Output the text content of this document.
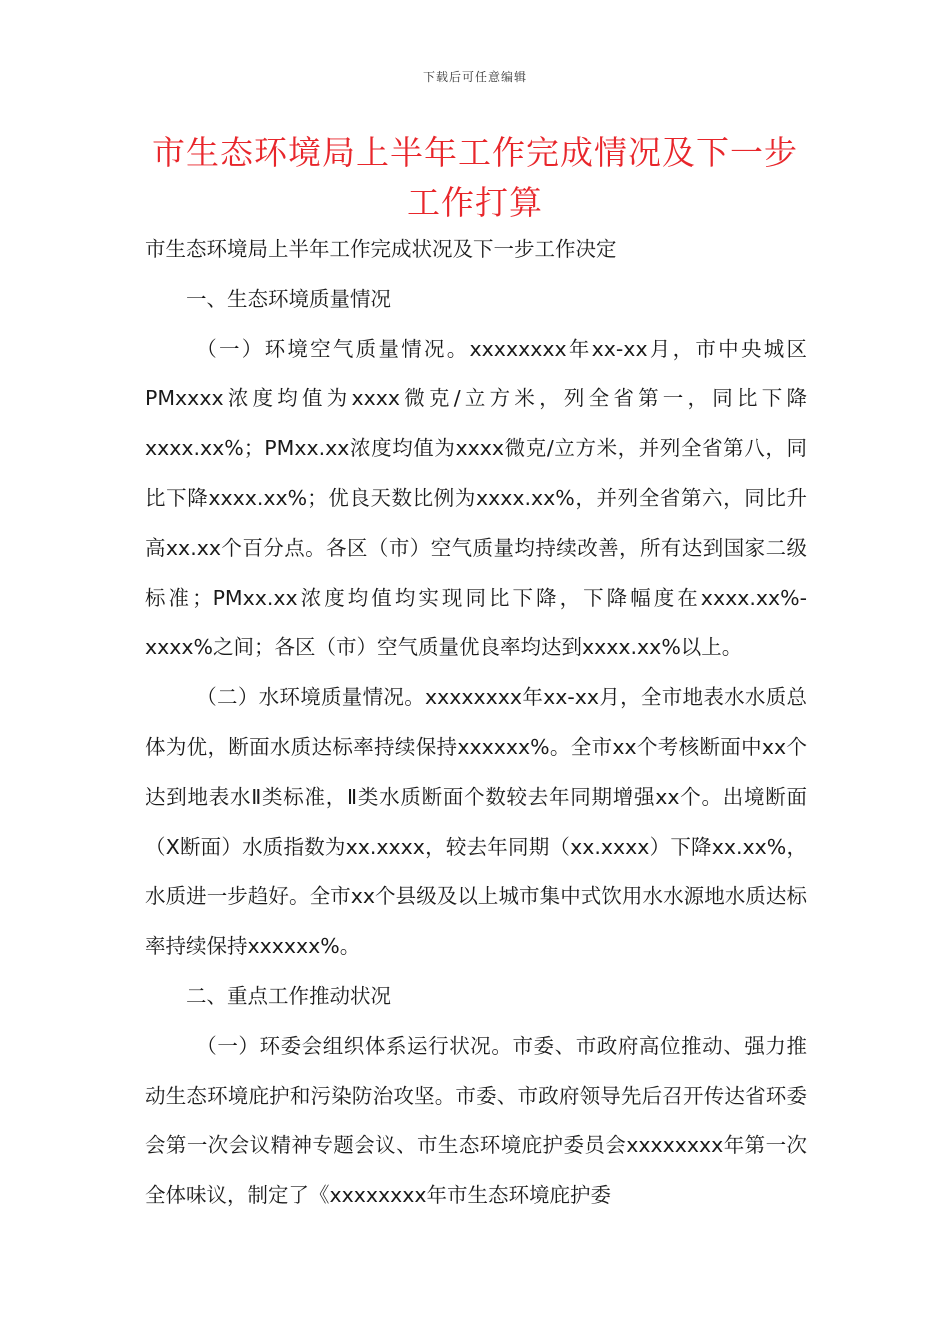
下载后可任意编辑
市生态环境局上半年工作完成情况及下一步工作打算

市生态环境局上半年工作完成状况及下一步工作决定

一、生态环境质量情况

（一）环境空气质量情况。xxxxxxxx年xx-xx月，市中央城区PMxxxx浓度均值为xxxx微克/立方米，列全省第一，同比下降xxxx.xx%；PMxx.xx浓度均值为xxxx微克/立方米，并列全省第八，同比下降xxxx.xx%；优良天数比例为xxxx.xx%，并列全省第六，同比升高xx.xx个百分点。各区（市）空气质量均持续改善，所有达到国家二级标准；PMxx.xx浓度均值均实现同比下降，下降幅度在xxxx.xx%-xxxx%之间；各区（市）空气质量优良率均达到xxxx.xx%以上。

（二）水环境质量情况。xxxxxxxx年xx-xx月，全市地表水水质总体为优，断面水质达标率持续保持xxxxxx%。全市xx个考核断面中xx个达到地表水Ⅱ类标准，Ⅱ类水质断面个数较去年同期增强xx个。出境断面（X断面）水质指数为xx.xxxx，较去年同期（xx.xxxx）下降xx.xx%，水质进一步趋好。全市xx个县级及以上城市集中式饮用水水源地水质达标率持续保持xxxxxx%。

二、重点工作推动状况

（一）环委会组织体系运行状况。市委、市政府高位推动、强力推动生态环境庇护和污染防治攻坚。市委、市政府领导先后召开传达省环委会第一次会议精神专题会议、市生态环境庇护委员会xxxxxxxx年第一次全体味议，制定了《xxxxxxxx年市生态环境庇护委
